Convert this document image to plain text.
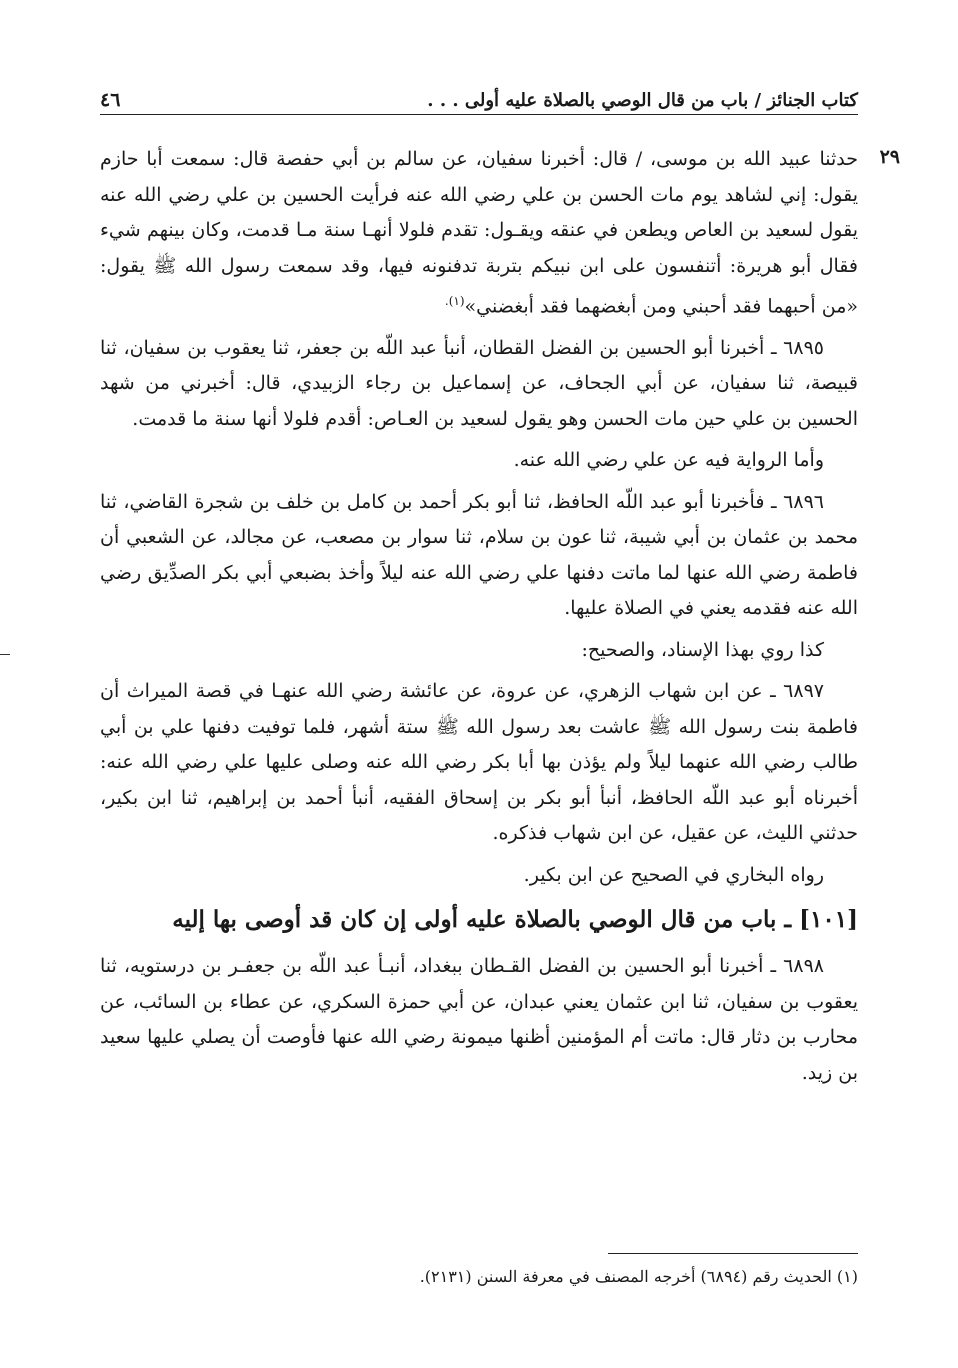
كتاب الجنائز / باب من قال الوصي بالصلاة عليه أولى . . .
٤٦
٢٩

حدثنا عبيد الله بن موسى، / قال: أخبرنا سفيان، عن سالم بن أبي حفصة قال: سمعت أبا حازم يقول: إني لشاهد يوم مات الحسن بن علي رضي الله عنه فرأيت الحسين بن علي رضي الله عنه يقول لسعيد بن العاص ويطعن في عنقه ويقـول: تقدم فلولا أنهـا سنة مـا قدمت، وكان بينهم شيء فقال أبو هريرة: أتنفسون على ابن نبيكم بتربة تدفنونه فيها، وقد سمعت رسول الله ﷺ يقول: «من أحبهما فقد أحبني ومن أبغضهما فقد أبغضني»$^{(١).}$

٦٨٩٥ ـ أخبرنا أبو الحسين بن الفضل القطان، أنبأ عبد اللّه بن جعفر، ثنا يعقوب بن سفيان، ثنا قبيصة، ثنا سفيان، عن أبي الجحاف، عن إسماعيل بن رجاء الزبيدي، قال: أخبرني من شهد الحسين بن علي حين مات الحسن وهو يقول لسعيد بن العـاص: أقدم فلولا أنها سنة ما قدمت.

وأما الرواية فيه عن علي رضي الله عنه.

٦٨٩٦ ـ فأخبرنا أبو عبد اللّه الحافظ، ثنا أبو بكر أحمد بن كامل بن خلف بن شجرة القاضي، ثنا محمد بن عثمان بن أبي شيبة، ثنا عون بن سلام، ثنا سوار بن مصعب، عن مجالد، عن الشعبي أن فاطمة رضي الله عنها لما ماتت دفنها علي رضي الله عنه ليلاً وأخذ بضبعي أبي بكر الصدِّيق رضي الله عنه فقدمه يعني في الصلاة عليها.

كذا روي بهذا الإسناد، والصحيح:

٦٨٩٧ ـ عن ابن شهاب الزهري، عن عروة، عن عائشة رضي الله عنهـا في قصة الميراث أن فاطمة بنت رسول الله ﷺ عاشت بعد رسول الله ﷺ ستة أشهر، فلما توفيت دفنها علي بن أبي طالب رضي الله عنهما ليلاً ولم يؤذن بها أبا بكر رضي الله عنه وصلى عليها علي رضي الله عنه: أخبرناه أبو عبد اللّه الحافظ، أنبأ أبو بكر بن إسحاق الفقيه، أنبأ أحمد بن إبراهيم، ثنا ابن بكير، حدثني الليث، عن عقيل، عن ابن شهاب فذكره.

رواه البخاري في الصحيح عن ابن بكير.

[١٠١] ـ باب من قال الوصي بالصلاة عليه أولى إن كان قد أوصى بها إليه

٦٨٩٨ ـ أخبرنا أبو الحسين بن الفضل القـطان ببغداد، أنبـأ عبد اللّه بن جعفـر بن درستويه، ثنا يعقوب بن سفيان، ثنا ابن عثمان يعني عبدان، عن أبي حمزة السكري، عن عطاء بن السائب، عن محارب بن دثار قال: ماتت أم المؤمنين أظنها ميمونة رضي الله عنها فأوصت أن يصلي عليها سعيد بن زيد.

(١) الحديث رقم (٦٨٩٤) أخرجه المصنف في معرفة السنن (٢١٣١).
